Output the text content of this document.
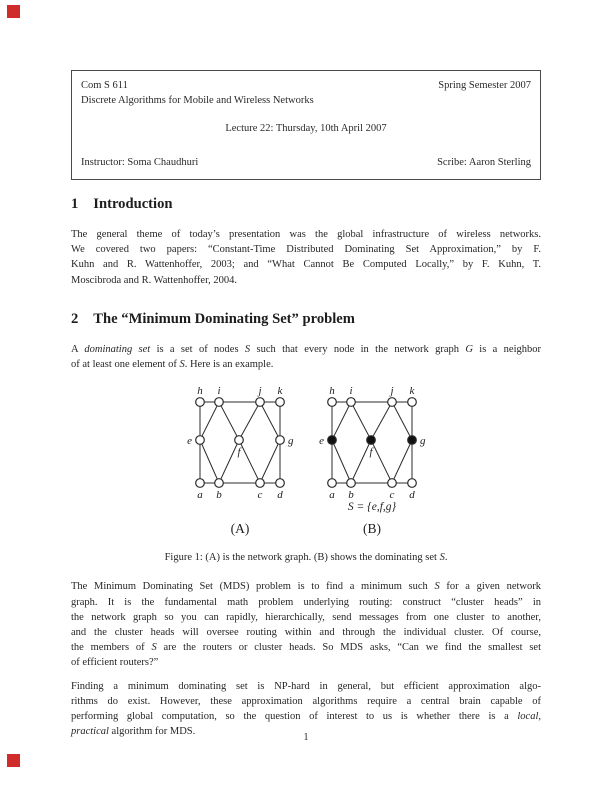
Com S 611	Spring Semester 2007
Discrete Algorithms for Mobile and Wireless Networks
Lecture 22: Thursday, 10th April 2007
Instructor: Soma Chaudhuri	Scribe: Aaron Sterling
1 Introduction
The general theme of today’s presentation was the global infrastructure of wireless networks.
We covered two papers: “Constant-Time Distributed Dominating Set Approximation,” by F.
Kuhn and R. Wattenhoffer, 2003; and “What Cannot Be Computed Locally,” by F. Kuhn, T.
Moscibroda and R. Wattenhoffer, 2004.
2 The “Minimum Dominating Set” problem
A dominating set is a set of nodes S such that every node in the network graph G is a neighbor
of at least one element of S. Here is an example.
h i	j k
e
f
g
a b	c d
(A)
h i	j k
e
f
g
a b	c d
S = {e,f,g}
(B)
Figure 1: (A) is the network graph. (B) shows the dominating set S.
The Minimum Dominating Set (MDS) problem is to find a minimum such S for a given network
graph. It is the fundamental math problem underlying routing: construct “cluster heads” in
the network graph so you can rapidly, hierarchically, send messages from one cluster to another,
and the cluster heads will oversee routing within and through the individual cluster. Of course,
the members of S are the routers or cluster heads. So MDS asks, “Can we find the smallest set
of efficient routers?”
Finding a minimum dominating set is NP-hard in general, but efficient approximation algo-
rithms do exist. However, these approximation algorithms require a central brain capable of
performing global computation, so the question of interest to us is whether there is a local,
practical algorithm for MDS.
1
